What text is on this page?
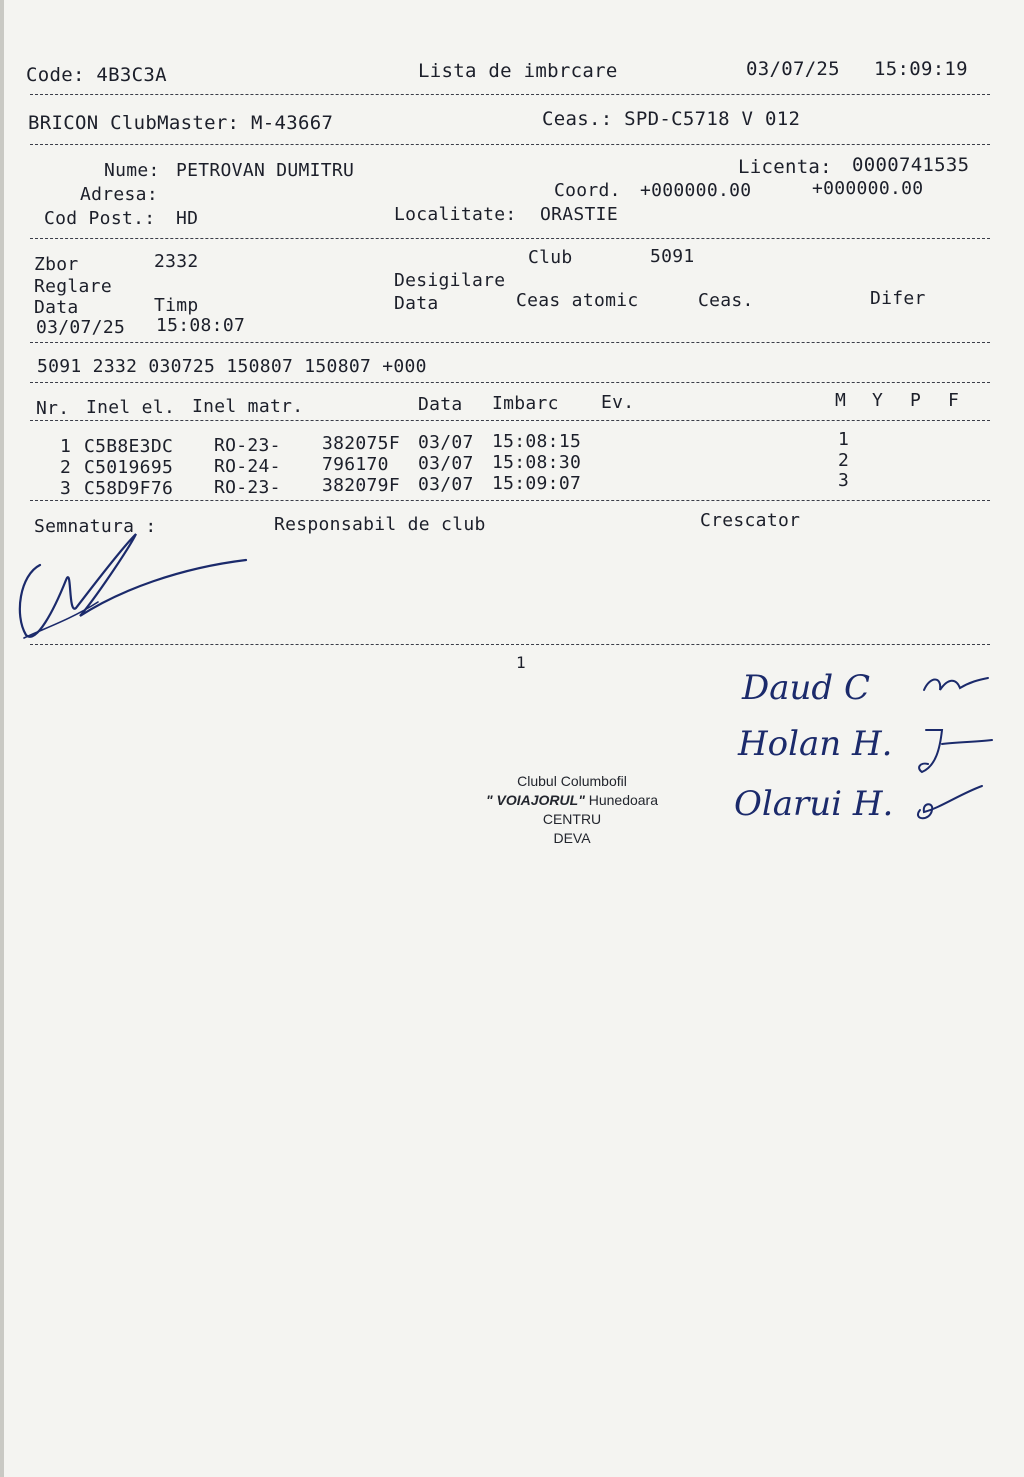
Code: 4B3C3A	Lista de imbrcare	03/07/25 15:09:19
BRICON ClubMaster: M-43667	Ceas.: SPD-C5718 V 012
Nume: PETROVAN DUMITRU	Licenta: 0000741535
Adresa:	Coord. +000000.00	+000000.00
Cod Post.: HD	Localitate: ORASTIE
Zbor	2332	Club	5091
Reglare	Desigilare
Data	Timp	Data	Ceas atomic	Ceas.	Difer
03/07/25 15:08:07
5091 2332 030725 150807 150807 +000
Nr. Inel el. Inel matr.	Data Imbarc Ev.	M Y P F
1 C5B8E3DC RO-23- 382075F 03/07 15:08:15	1
2 C5019695 RO-24- 796170 03/07 15:08:30	2
3 C58D9F76 RO-23- 382079F 03/07 15:09:07	3
Semnatura :	Responsabil de club	Crescator
1
Clubul Columbofil
" VOIAJORUL" Hunedoara
CENTRU
DEVA
Daud C
Holan H.
Olarui H.
